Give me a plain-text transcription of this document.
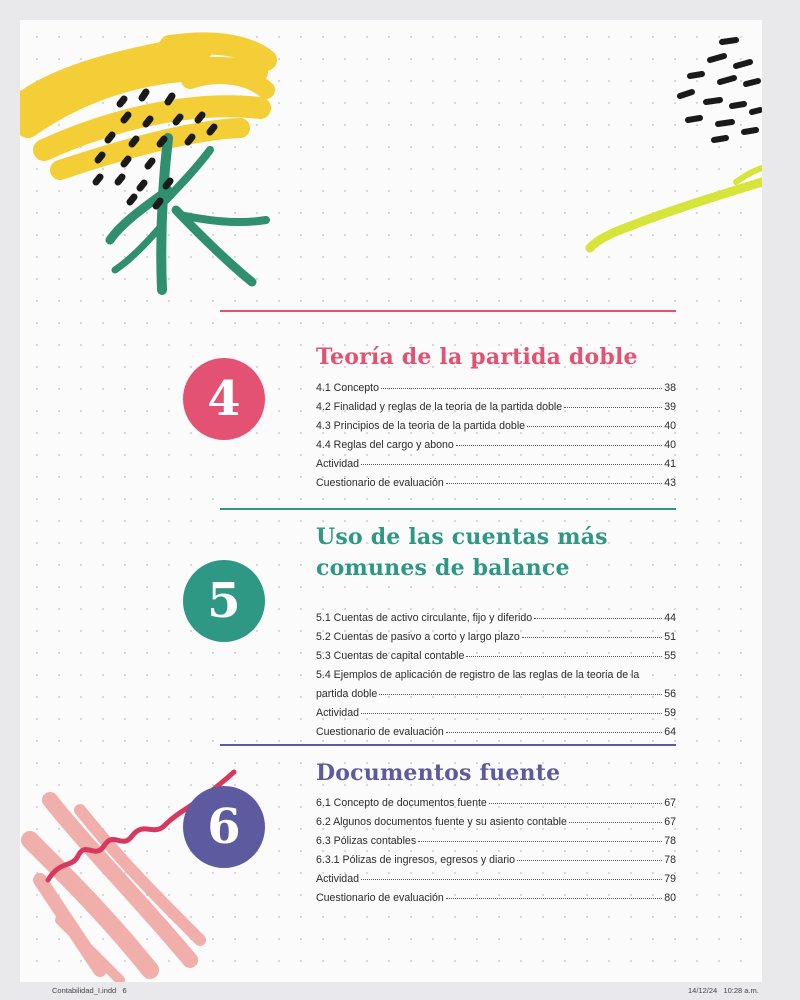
4
Teoría de la partida doble
4.1 Concepto	38
4.2 Finalidad y reglas de la teoria de la partida doble	39
4.3 Principios de la teoria de la partida doble	40
4.4 Reglas del cargo y abono	40
Actividad	41
Cuestionario de evaluación	43
5
Uso de las cuentas más
comunes de balance
5.1 Cuentas de activo circulante, fijo y diferido	44
5.2 Cuentas de pasivo a corto y largo plazo	51
5.3 Cuentas de capital contable	55
5.4 Ejemplos de aplicación de registro de las reglas de la teoria de la
partida doble	56
Actividad	59
Cuestionario de evaluación	64
6
Documentos fuente
6.1 Concepto de documentos fuente	67
6.2 Algunos documentos fuente y su asiento contable	67
6.3 Pólizas contables	78
6.3.1 Pólizas de ingresos, egresos y diario	78
Actividad	79
Cuestionario de evaluación	80
Contabilidad_I.indd   6	14/12/24   10:28 a.m.
